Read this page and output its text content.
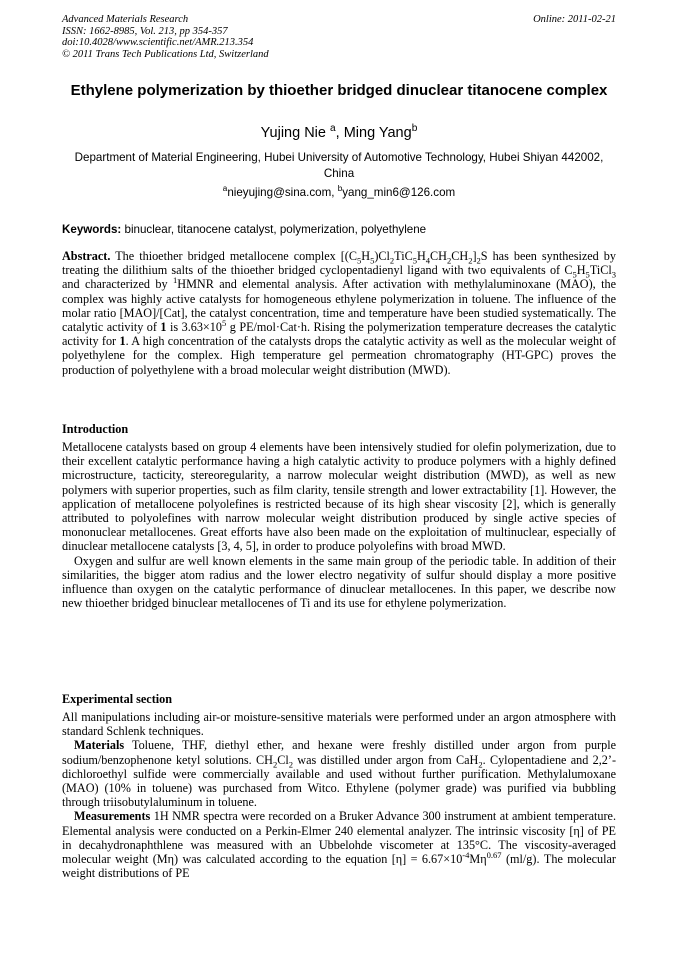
Advanced Materials Research
ISSN: 1662-8985, Vol. 213, pp 354-357
doi:10.4028/www.scientific.net/AMR.213.354
© 2011 Trans Tech Publications Ltd, Switzerland
Online: 2011-02-21
Ethylene polymerization by thioether bridged dinuclear titanocene complex
Yujing Nie $^a$, Ming Yang$^b$
Department of Material Engineering, Hubei University of Automotive Technology, Hubei Shiyan 442002, China
$^a$nieyujing@sina.com, $^b$yang_min6@126.com
Keywords: binuclear, titanocene catalyst, polymerization, polyethylene
Abstract. The thioether bridged metallocene complex $[(C_5H_5)Cl_2TiC_5H_4CH_2CH_2]_2S$ has been synthesized by treating the dilithium salts of the thioether bridged cyclopentadienyl ligand with two equivalents of $C_5H_5TiCl_3$ and characterized by $^1$HMNR and elemental analysis. After activation with methylaluminoxane (MAO), the complex was highly active catalysts for homogeneous ethylene polymerization in toluene. The influence of the molar ratio [MAO]/[Cat], the catalyst concentration, time and temperature have been studied systematically. The catalytic activity of 1 is $3.63\times 10^5$ g PE/mol·Cat·h. Rising the polymerization temperature decreases the catalytic activity for 1. A high concentration of the catalysts drops the catalytic activity as well as the molecular weight of polyethylene for the complex. High temperature gel permeation chromatography (HT-GPC) proves the production of polyethylene with a broad molecular weight distribution (MWD).
Introduction

Metallocene catalysts based on group 4 elements have been intensively studied for olefin polymerization, due to their excellent catalytic performance having a high catalytic activity to produce polymers with a highly defined microstructure, tacticity, stereoregularity, a narrow molecular weight distribution (MWD), as well as new polymers with superior properties, such as film clarity, tensile strength and lower extractability [1]. However, the application of metallocene polyolefines is restricted because of its high shear viscosity [2], which is generally attributed to polyolefines with narrow molecular weight distribution produced by single active species of mononuclear metallocenes. Great efforts have also been made on the exploitation of multinuclear, especially of dinuclear metallocene catalysts [3, 4, 5], in order to produce polyolefins with broad MWD.

Oxygen and sulfur are well known elements in the same main group of the periodic table. In addition of their similarities, the bigger atom radius and the lower electro negativity of sulfur should display a more positive influence than oxygen on the catalytic performance of dinuclear metallocenes. In this paper, we describe now new thioether bridged binuclear metallocenes of Ti and its use for ethylene polymerization.

Experimental section

All manipulations including air-or moisture-sensitive materials were performed under an argon atmosphere with standard Schlenk techniques.

Materials Toluene, THF, diethyl ether, and hexane were freshly distilled under argon from purple sodium/benzophenone ketyl solutions. $CH_2Cl_2$ was distilled under argon from CaH$_2$. Cylopentadiene and 2,2’-dichloroethyl sulfide were commercially available and used without further purification. Methylalumoxane (MAO) (10% in toluene) was purchased from Witco. Ethylene (polymer grade) was purified via bubbling through triisobutylaluminum in toluene.

Measurements 1H NMR spectra were recorded on a Bruker Advance 300 instrument at ambient temperature. Elemental analysis were conducted on a Perkin-Elmer 240 elemental analyzer. The intrinsic viscosity [η] of PE in decahydronaphthlene was measured with an Ubbelohde viscometer at 135°C. The viscosity-averaged molecular weight (Mη) was calculated according to the equation $[\eta] = 6.67\times 10^{-4}M\eta^{0.67}$ (ml/g). The molecular weight distributions of PE
